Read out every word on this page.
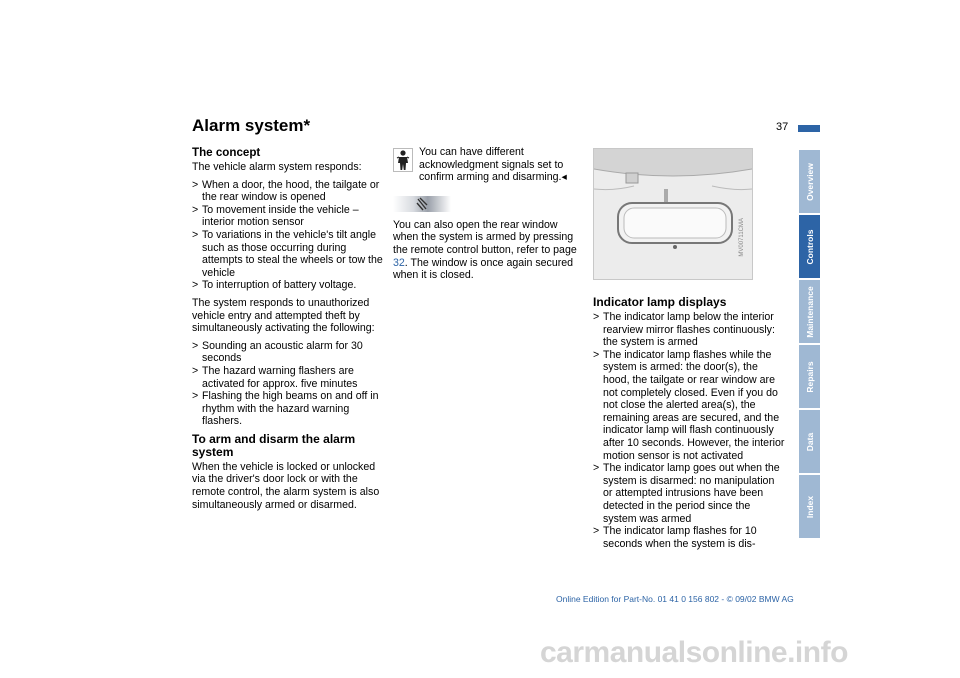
Alarm system*	37
The concept

The vehicle alarm system responds:

> When a door, the hood, the tailgate or the rear window is opened
> To movement inside the vehicle – interior motion sensor
> To variations in the vehicle's tilt angle such as those occurring during attempts to steal the wheels or tow the vehicle
> To interruption of battery voltage.

The system responds to unauthorized vehicle entry and attempted theft by simultaneously activating the following:

> Sounding an acoustic alarm for 30 seconds
> The hazard warning flashers are activated for approx. five minutes
> Flashing the high beams on and off in rhythm with the hazard warning flashers.
To arm and disarm the alarm system

When the vehicle is locked or unlocked via the driver's door lock or with the remote control, the alarm system is also simultaneously armed or disarmed.

You can have different acknowledgment signals set to confirm arming and disarming.◂

You can also open the rear window when the system is armed by pressing the remote control button, refer to page 32. The window is once again secured when it is closed.

MV00711CMA
Indicator lamp displays
> The indicator lamp below the interior rearview mirror flashes continuously: the system is armed
> The indicator lamp flashes while the system is armed: the door(s), the hood, the tailgate or rear window are not completely closed. Even if you do not close the alerted area(s), the remaining areas are secured, and the indicator lamp will flash continuously after 10 seconds. However, the interior motion sensor is not activated
> The indicator lamp goes out when the system is disarmed: no manipulation or attempted intrusions have been detected in the period since the system was armed
> The indicator lamp flashes for 10 seconds when the system is dis-
Overview
Controls
Maintenance
Repairs
Data
Index
Online Edition for Part-No. 01 41 0 156 802 - © 09/02 BMW AG
carmanualsonline.info
